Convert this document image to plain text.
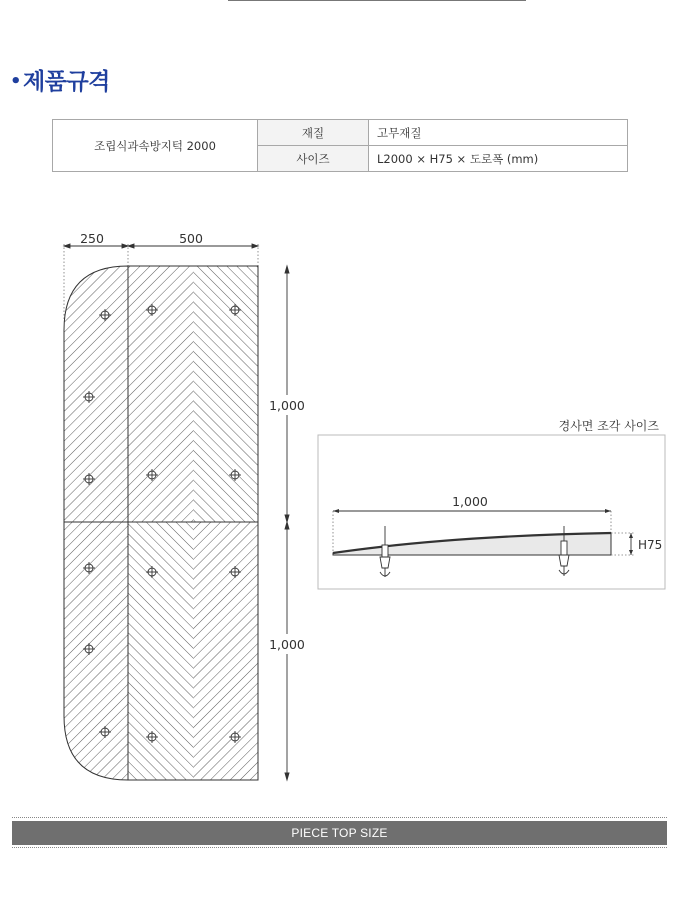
•제품규격
조립식과속방지턱 2000	재질	고무재질
	사이즈	L2000 × H75 × 도로폭 (mm)
250	500
1,000
1,000
경사면 조각 사이즈
1,000
H75
PIECE TOP SIZE
